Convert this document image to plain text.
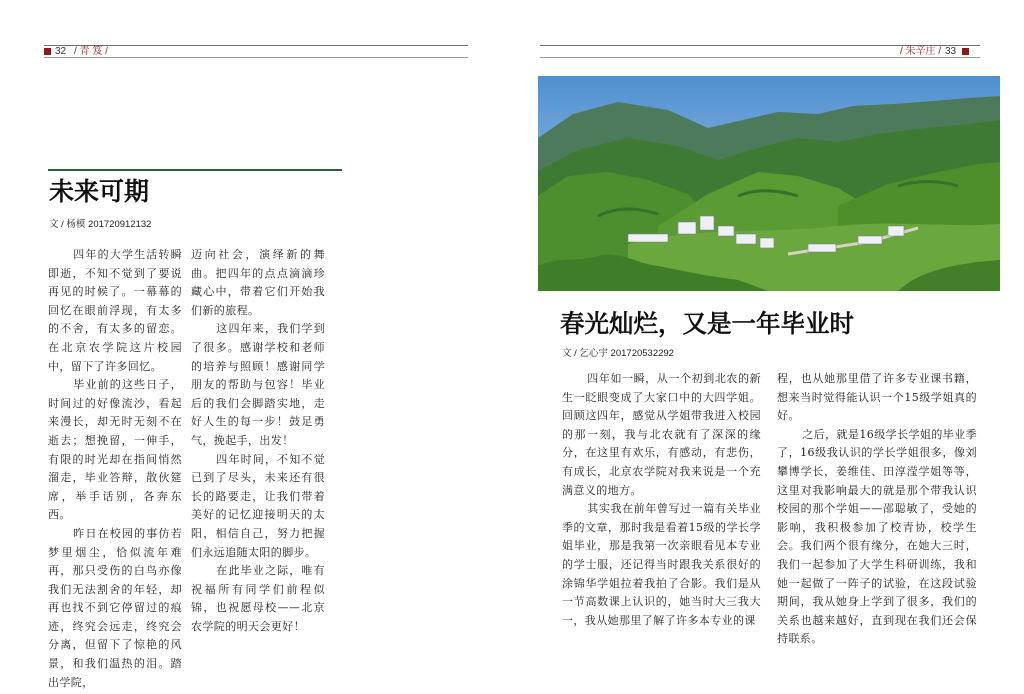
32 / 青 笈 /
未来可期
文 / 杨模 201720912132

四年的大学生活转瞬即逝，不知不觉到了要说再见的时候了。一幕幕的回忆在眼前浮现，有太多的不舍，有太多的留恋。在北京农学院这片校园中，留下了许多回忆。

毕业前的这些日子，时间过的好像流沙，看起来漫长，却无时无刻不在逝去；想挽留，一伸手，有限的时光却在指间悄然溜走，毕业答辩，散伙筵席，举手话别，各奔东西。

昨日在校园的事仿若梦里烟尘，恰似流年难再，那只受伤的白鸟亦像我们无法割舍的年轻，却再也找不到它停留过的痕迹，终究会远走，终究会分离，但留下了惊艳的风景，和我们温热的泪。踏出学院，

迈向社会，演绎新的舞曲。把四年的点点滴滴珍藏心中，带着它们开始我们新的旅程。

这四年来，我们学到了很多。感谢学校和老师的培养与照顾！感谢同学朋友的帮助与包容！毕业后的我们会脚踏实地，走好人生的每一步！鼓足勇气，挽起手，出发！

四年时间，不知不觉已到了尽头，未来还有很长的路要走，让我们带着美好的记忆迎接明天的太阳，相信自己，努力把握们永远追随太阳的脚步。

在此毕业之际，唯有祝福所有同学们前程似锦，也祝愿母校——北京农学院的明天会更好！

/ 朱辛庄 / 33
春光灿烂，又是一年毕业时
文 / 乞心宇 201720532292

四年如一瞬，从一个初到北农的新生一眨眼变成了大家口中的大四学姐。回顾这四年，感觉从学姐带我进入校园的那一刻，我与北农就有了深深的缘分，在这里有欢乐，有感动，有悲伤，有成长，北京农学院对我来说是一个充满意义的地方。

其实我在前年曾写过一篇有关毕业季的文章，那时我是看着15级的学长学姐毕业，那是我第一次亲眼看见本专业的学士服，还记得当时跟我关系很好的涂锦华学姐拉着我拍了合影。我们是从一节高数课上认识的，她当时大三我大一，我从她那里了解了许多本专业的课

程，也从她那里借了许多专业课书籍，想来当时觉得能认识一个15级学姐真的好。

之后，就是16级学长学姐的毕业季了，16级我认识的学长学姐很多，像刘攀博学长，姜维佳、田淳滢学姐等等，这里对我影响最大的就是那个带我认识校园的那个学姐——邵聪敏了，受她的影响，我积极参加了校青协，校学生会。我们两个很有缘分，在她大三时，我们一起参加了大学生科研训练，我和她一起做了一阵子的试验，在这段试验期间，我从她身上学到了很多，我们的关系也越来越好，直到现在我们还会保持联系。
